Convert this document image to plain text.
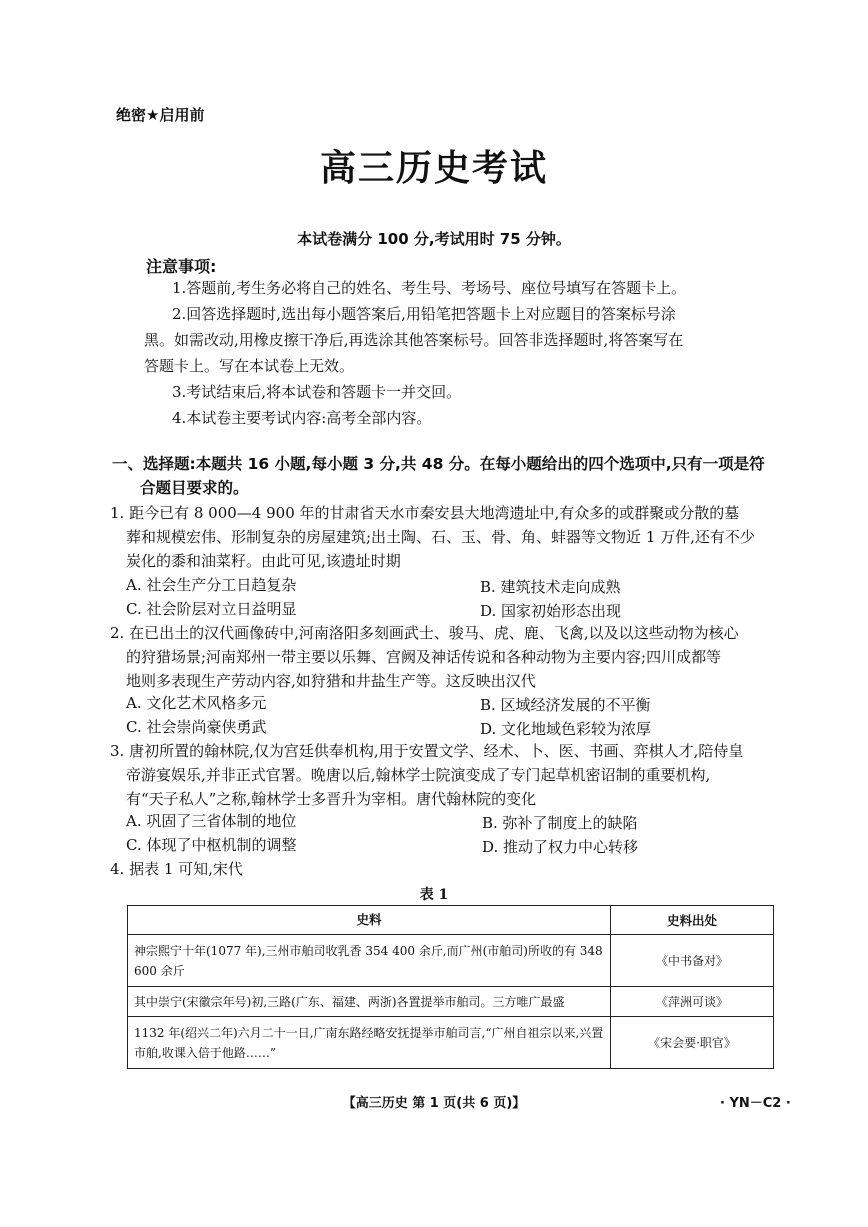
绝密★启用前
高三历史考试
本试卷满分 100 分,考试用时 75 分钟。
注意事项:
1.答题前,考生务必将自己的姓名、考生号、考场号、座位号填写在答题卡上。
2.回答选择题时,选出每小题答案后,用铅笔把答题卡上对应题目的答案标号涂
黑。如需改动,用橡皮擦干净后,再选涂其他答案标号。回答非选择题时,将答案写在
答题卡上。写在本试卷上无效。
3.考试结束后,将本试卷和答题卡一并交回。
4.本试卷主要考试内容:高考全部内容。
一、选择题:本题共 16 小题,每小题 3 分,共 48 分。在每小题给出的四个选项中,只有一项是符
合题目要求的。
1. 距今已有 8 000—4 900 年的甘肃省天水市秦安县大地湾遗址中,有众多的或群聚或分散的墓
葬和规模宏伟、形制复杂的房屋建筑;出土陶、石、玉、骨、角、蚌器等文物近 1 万件,还有不少
炭化的黍和油菜籽。由此可见,该遗址时期
A. 社会生产分工日趋复杂	B. 建筑技术走向成熟
C. 社会阶层对立日益明显	D. 国家初始形态出现
2. 在已出土的汉代画像砖中,河南洛阳多刻画武士、骏马、虎、鹿、飞禽,以及以这些动物为核心
的狩猎场景;河南郑州一带主要以乐舞、宫阙及神话传说和各种动物为主要内容;四川成都等
地则多表现生产劳动内容,如狩猎和井盐生产等。这反映出汉代
A. 文化艺术风格多元	B. 区域经济发展的不平衡
C. 社会崇尚豪侠勇武	D. 文化地域色彩较为浓厚
3. 唐初所置的翰林院,仅为宫廷供奉机构,用于安置文学、经术、卜、医、书画、弈棋人才,陪侍皇
帝游宴娱乐,并非正式官署。晚唐以后,翰林学士院演变成了专门起草机密诏制的重要机构,
有“天子私人”之称,翰林学士多晋升为宰相。唐代翰林院的变化
A. 巩固了三省体制的地位	B. 弥补了制度上的缺陷
C. 体现了中枢机制的调整	D. 推动了权力中心转移
4. 据表 1 可知,宋代
表 1
史料	史料出处
神宗熙宁十年(1077 年),三州市舶司收乳香 354 400 余斤,而广州(市舶司)所收的有 348 600 余斤	《中书备对》
其中崇宁(宋徽宗年号)初,三路(广东、福建、两浙)各置提举市舶司。三方唯广最盛	《萍洲可谈》
1132 年(绍兴二年)六月二十一日,广南东路经略安抚提举市舶司言,“广州自祖宗以来,兴置市舶,收课入倍于他路……”	《宋会要·职官》
【高三历史 第 1 页(共 6 页)】	· YN－C2 ·
